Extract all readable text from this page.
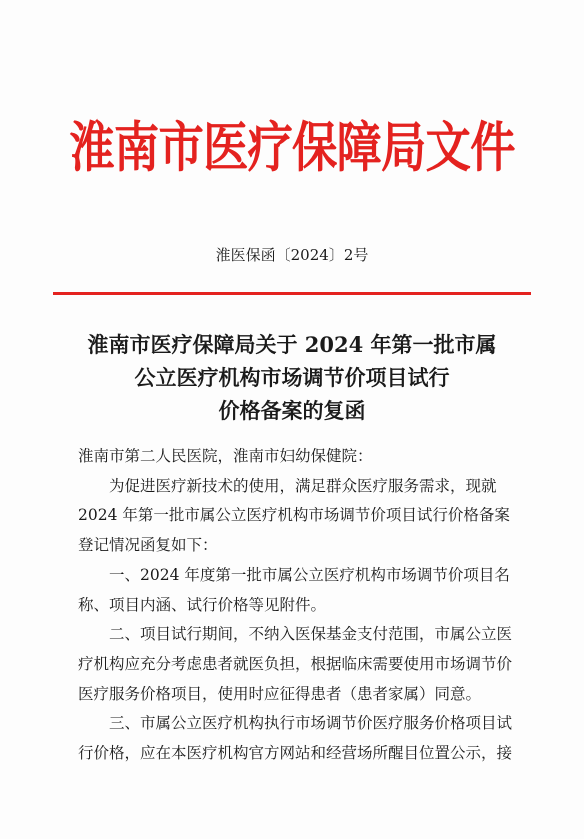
淮南市医疗保障局文件
淮医保函〔2024〕2号
淮南市医疗保障局关于 2024 年第一批市属
公立医疗机构市场调节价项目试行
价格备案的复函

淮南市第二人民医院，淮南市妇幼保健院：

为促进医疗新技术的使用，满足群众医疗服务需求，现就
2024 年第一批市属公立医疗机构市场调节价项目试行价格备案
登记情况函复如下：

一、2024 年度第一批市属公立医疗机构市场调节价项目名
称、项目内涵、试行价格等见附件。

二、项目试行期间，不纳入医保基金支付范围，市属公立医
疗机构应充分考虑患者就医负担，根据临床需要使用市场调节价
医疗服务价格项目，使用时应征得患者（患者家属）同意。

三、市属公立医疗机构执行市场调节价医疗服务价格项目试
行价格，应在本医疗机构官方网站和经营场所醒目位置公示，接
